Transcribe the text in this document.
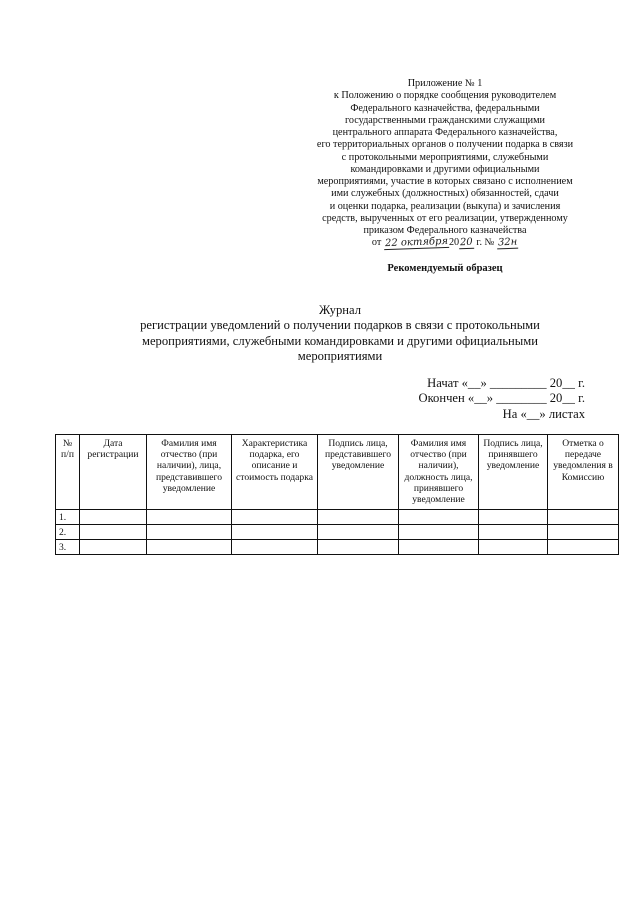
Приложение № 1
к Положению о порядке сообщения руководителем
Федерального казначейства, федеральными
государственными гражданскими служащими
центрального аппарата Федерального казначейства,
его территориальных органов о получении подарка в связи
с протокольными мероприятиями, служебными
командировками и другими официальными
мероприятиями, участие в которых связано с исполнением
ими служебных (должностных) обязанностей, сдачи
и оценки подарка, реализации (выкупа) и зачисления
средств, вырученных от его реализации, утвержденному
приказом Федерального казначейства
от 22 октября2020 г. № 32н
Рекомендуемый образец
Журнал
регистрации уведомлений о получении подарков в связи с протокольными
мероприятиями, служебными командировками и другими официальными
мероприятиями
Начат «__» _________ 20__ г.
Окончен «__» ________ 20__ г.
На «__» листах
№ п/п	Дата регистрации	Фамилия имя отчество (при наличии), лица, представившего уведомление	Характеристика подарка, его описание и стоимость подарка	Подпись лица, представившего уведомление	Фамилия имя отчество (при наличии), должность лица, принявшего уведомление	Подпись лица, принявшего уведомление	Отметка о передаче уведомления в Комиссию
1.							
2.							
3.							
